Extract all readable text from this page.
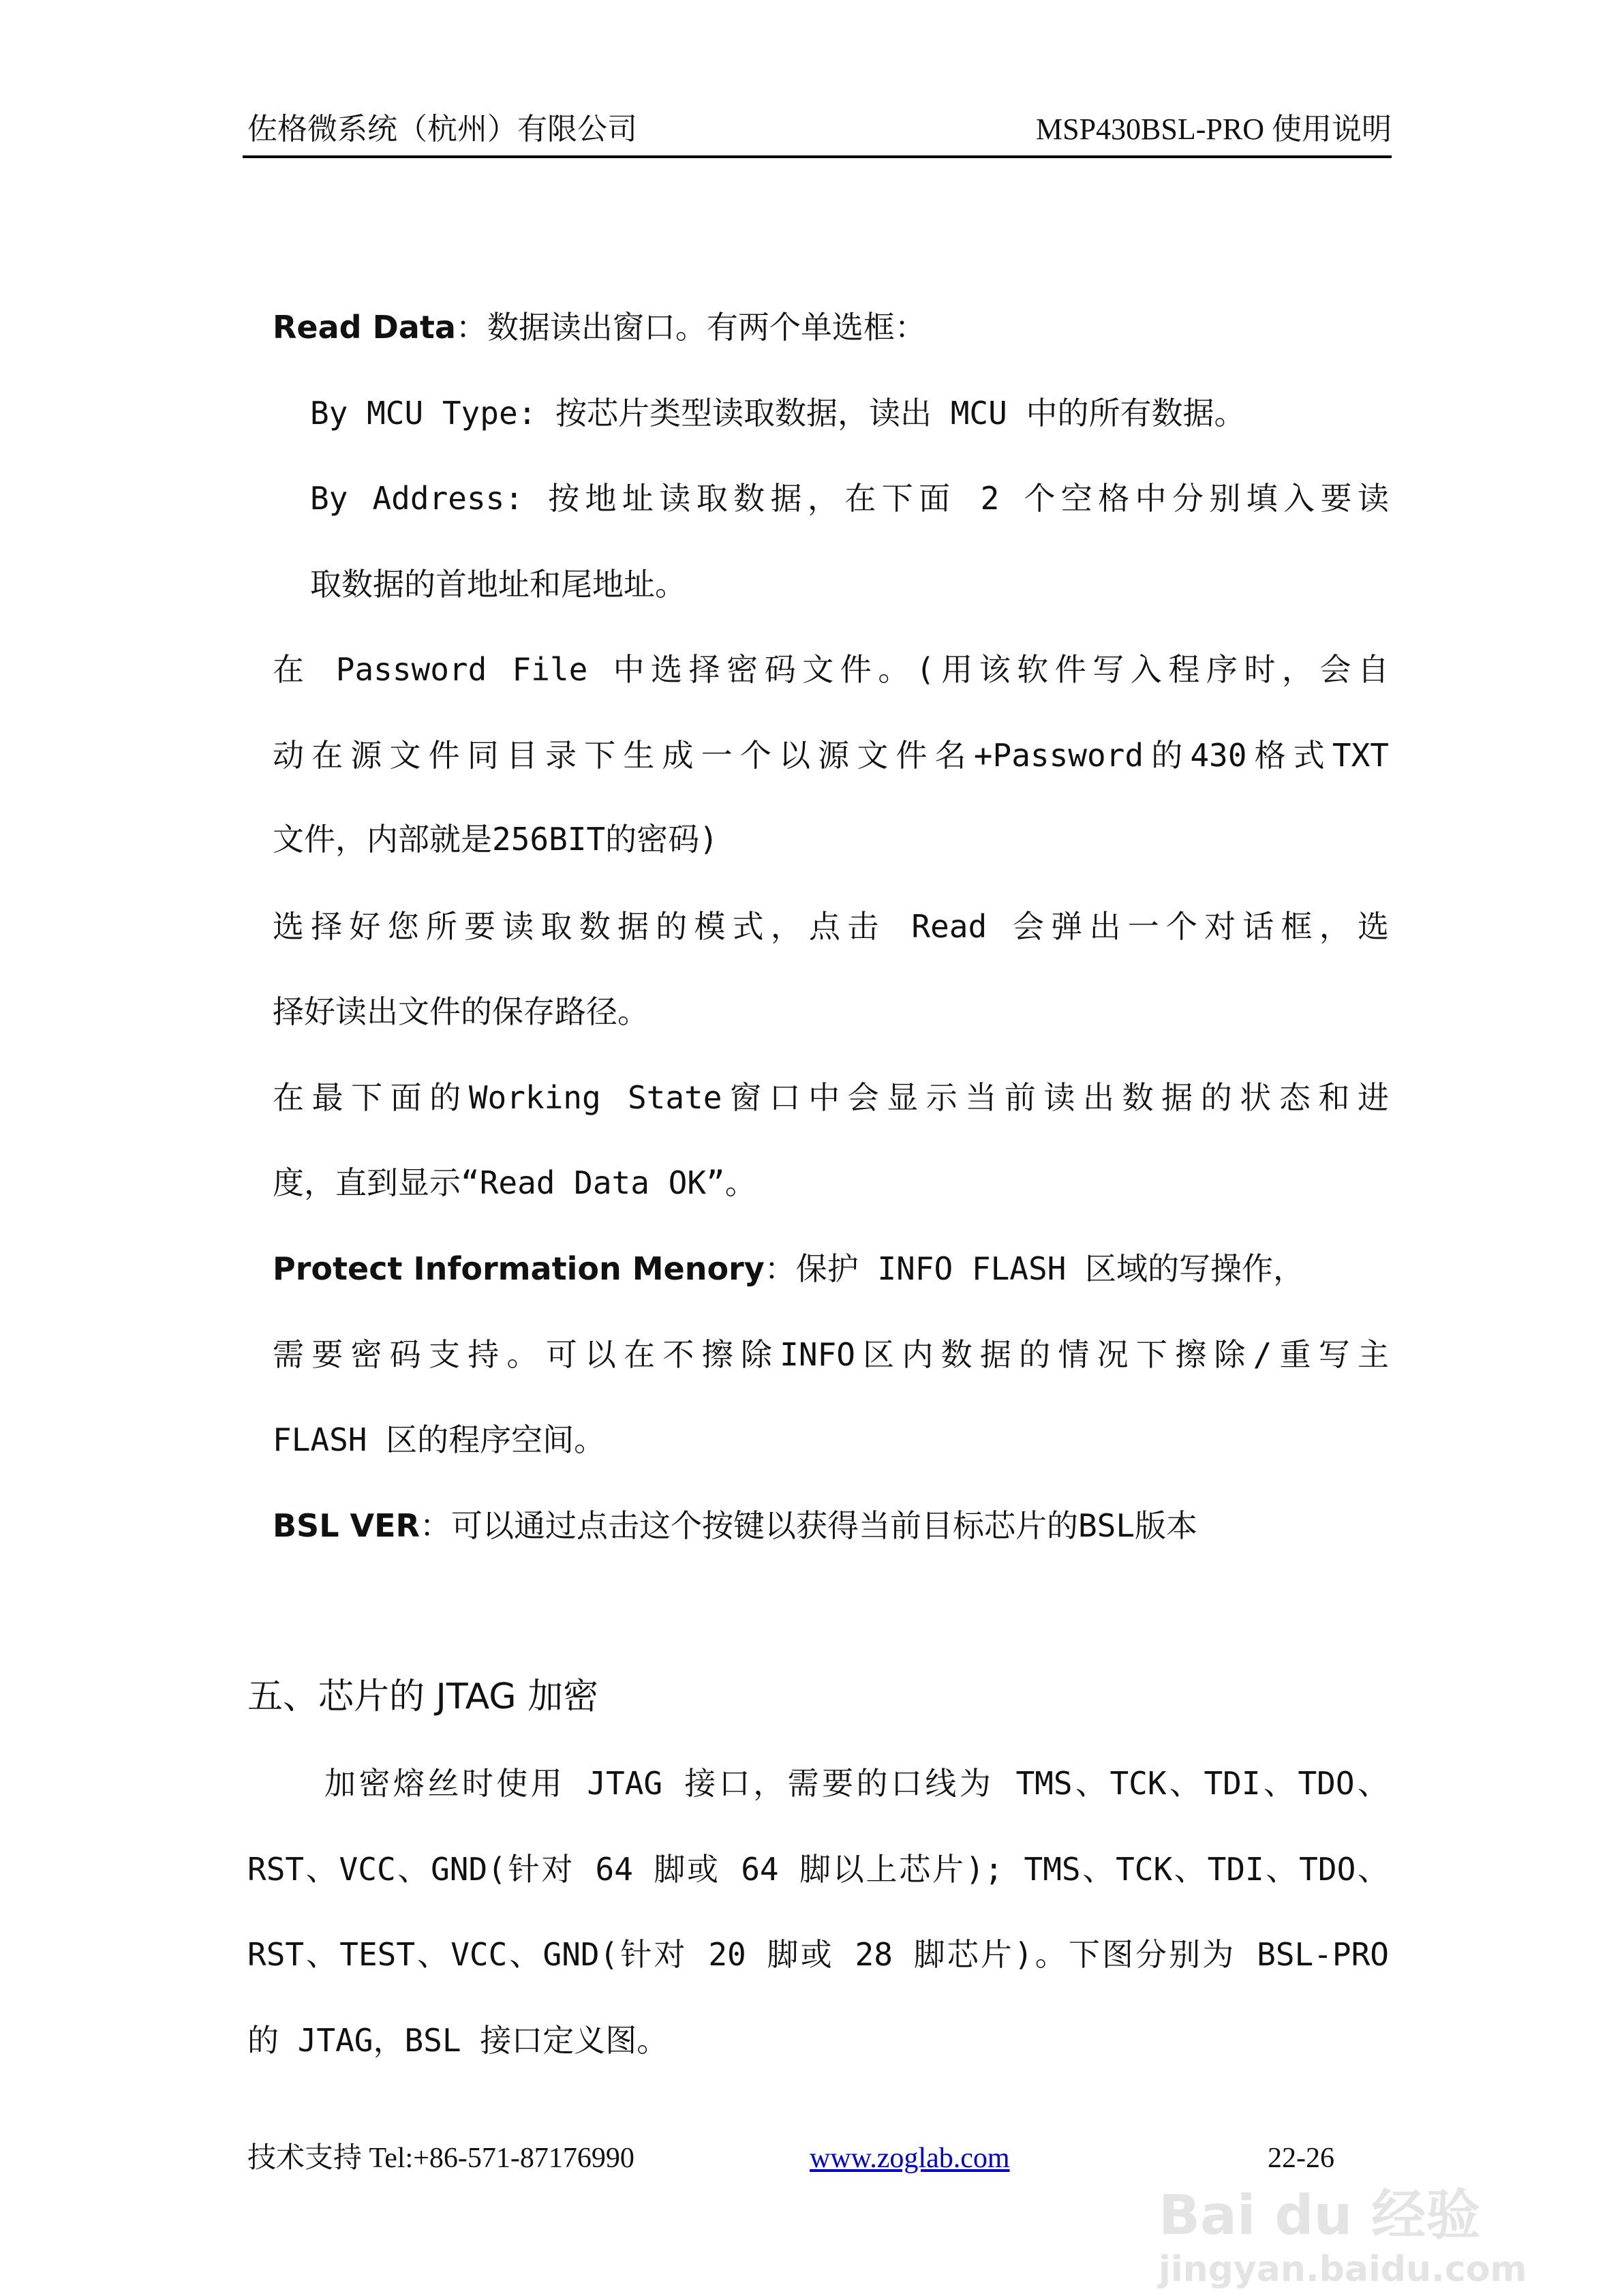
佐格微系统（杭州）有限公司	MSP430BSL-PRO 使用说明
Read Data：数据读出窗口。有两个单选框：
By MCU Type: 按芯片类型读取数据，读出 MCU 中的所有数据。
By Address: 按地址读取数据，在下面 2 个空格中分别填入要读
取数据的首地址和尾地址。
在 Password File 中选择密码文件。(用该软件写入程序时，会自
动在源文件同目录下生成一个以源文件名+Password的430格式TXT
文件，内部就是256BIT的密码)
选择好您所要读取数据的模式，点击 Read 会弹出一个对话框，选
择好读出文件的保存路径。
在最下面的Working State窗口中会显示当前读出数据的状态和进
度，直到显示“Read Data OK”。
Protect Information Menory：保护 INFO FLASH 区域的写操作，
需要密码支持。可以在不擦除INFO区内数据的情况下擦除/重写主
FLASH 区的程序空间。
BSL VER：可以通过点击这个按键以获得当前目标芯片的BSL版本
五、芯片的 JTAG 加密
加密熔丝时使用 JTAG 接口，需要的口线为 TMS、TCK、TDI、TDO、
RST、VCC、GND(针对 64 脚或 64 脚以上芯片); TMS、TCK、TDI、TDO、
RST、TEST、VCC、GND(针对 20 脚或 28 脚芯片)。下图分别为 BSL-PRO
的 JTAG，BSL 接口定义图。
技术支持 Tel:+86-571-87176990	www.zoglab.com	22-26
Bai du 经验
jingyan.baidu.com
